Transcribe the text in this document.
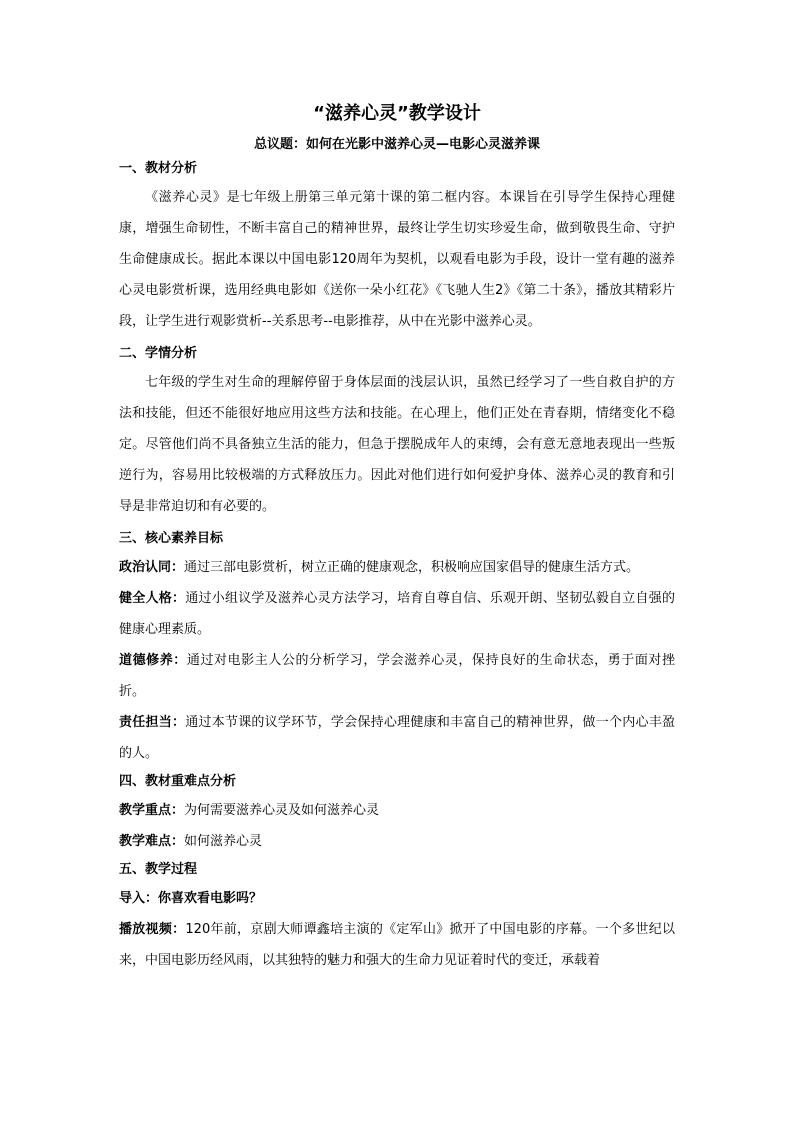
“滋养心灵”教学设计
总议题：如何在光影中滋养心灵—电影心灵滋养课
一、教材分析

《滋养心灵》是七年级上册第三单元第十课的第二框内容。本课旨在引导学生保持心理健康，增强生命韧性，不断丰富自己的精神世界，最终让学生切实珍爱生命，做到敬畏生命、守护生命健康成长。据此本课以中国电影120周年为契机，以观看电影为手段，设计一堂有趣的滋养心灵电影赏析课，选用经典电影如《送你一朵小红花》《飞驰人生2》《第二十条》，播放其精彩片段，让学生进行观影赏析--关系思考--电影推荐，从中在光影中滋养心灵。

二、学情分析

七年级的学生对生命的理解停留于身体层面的浅层认识，虽然已经学习了一些自救自护的方法和技能，但还不能很好地应用这些方法和技能。在心理上，他们正处在青春期，情绪变化不稳定。尽管他们尚不具备独立生活的能力，但急于摆脱成年人的束缚，会有意无意地表现出一些叛逆行为，容易用比较极端的方式释放压力。因此对他们进行如何爱护身体、滋养心灵的教育和引导是非常迫切和有必要的。

三、核心素养目标

政治认同：通过三部电影赏析，树立正确的健康观念，积极响应国家倡导的健康生活方式。

健全人格：通过小组议学及滋养心灵方法学习，培育自尊自信、乐观开朗、坚韧弘毅自立自强的健康心理素质。

道德修养：通过对电影主人公的分析学习，学会滋养心灵，保持良好的生命状态，勇于面对挫折。

责任担当：通过本节课的议学环节，学会保持心理健康和丰富自己的精神世界，做一个内心丰盈的人。

四、教材重难点分析

教学重点：为何需要滋养心灵及如何滋养心灵

教学难点：如何滋养心灵

五、教学过程

导入：你喜欢看电影吗？

播放视频：120年前，京剧大师谭鑫培主演的《定军山》掀开了中国电影的序幕。一个多世纪以来，中国电影历经风雨，以其独特的魅力和强大的生命力见证着时代的变迁，承载着
